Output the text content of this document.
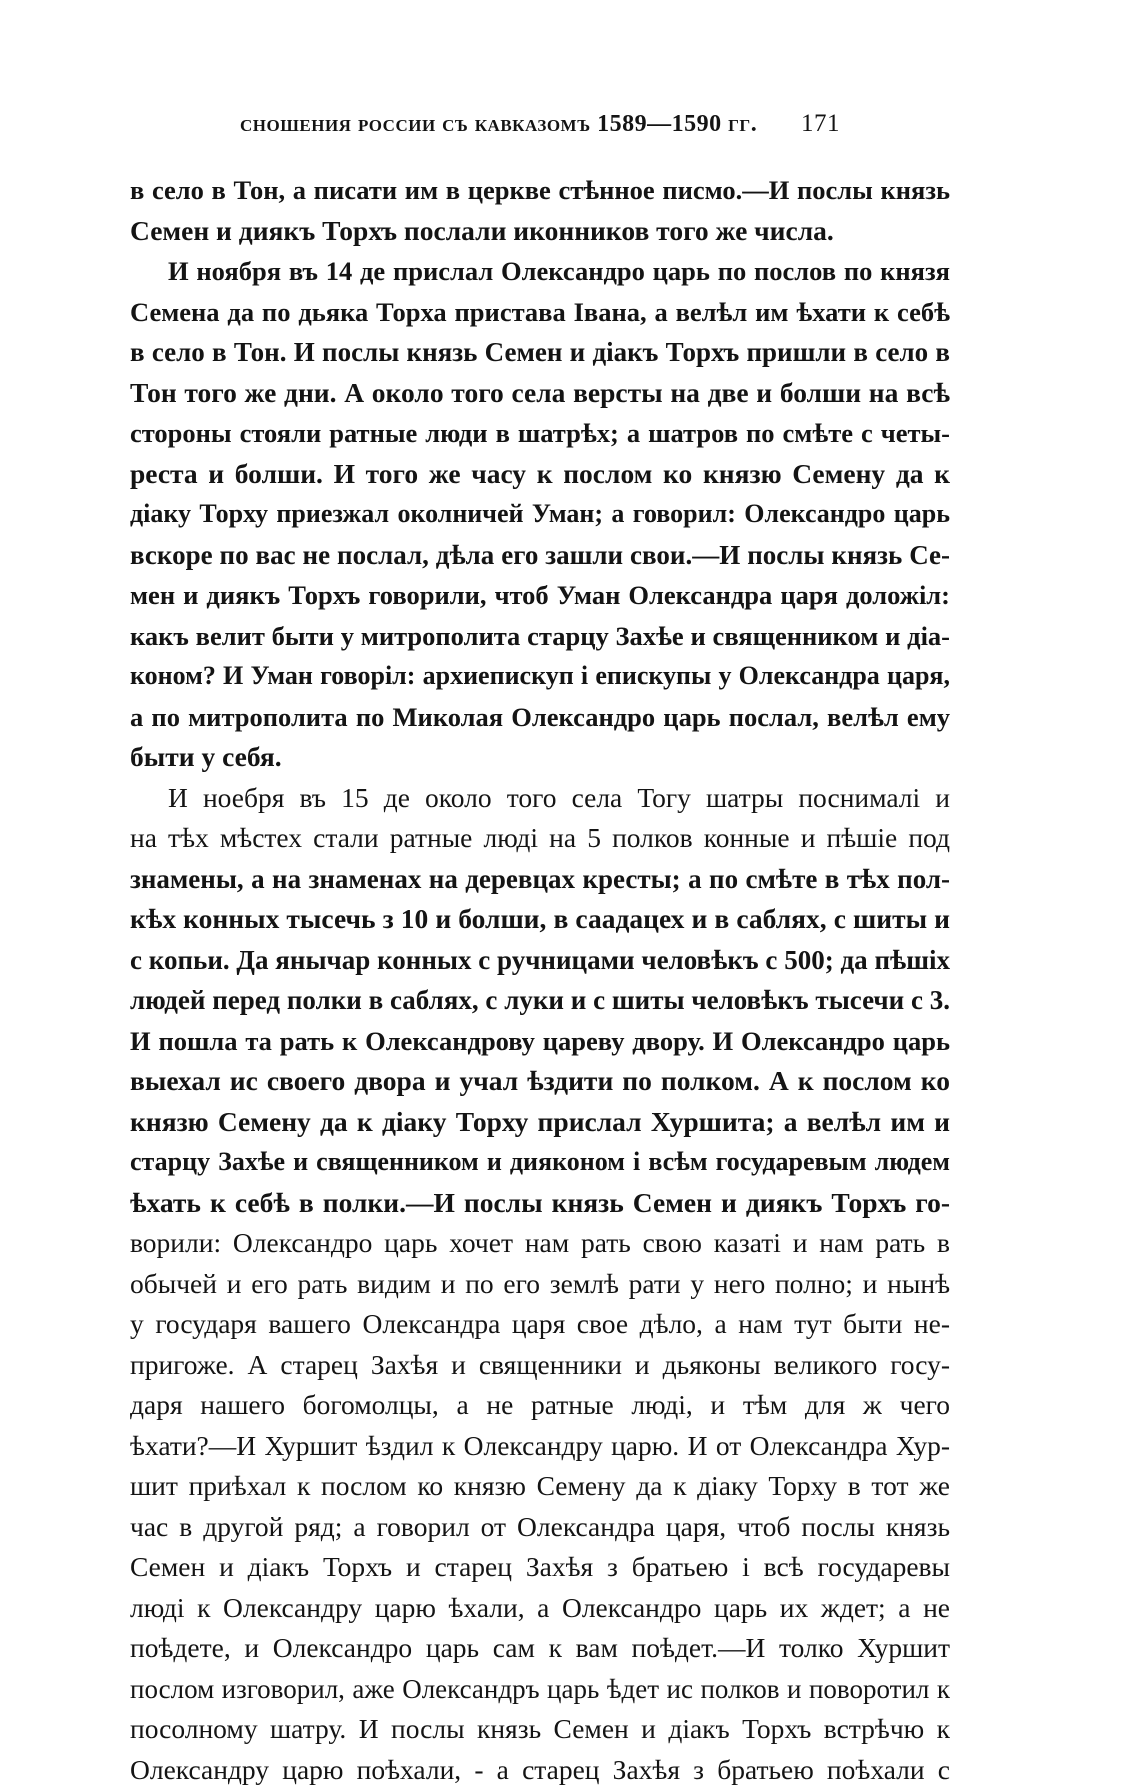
сношения россии съ кавказомъ 1589—1590 гг. 171
в село в Тон, а писати им в церкве стѣнное писмо.—И послы князь
Семен и диякъ Торхъ послали иконников того же числа.
И ноября въ 14 де прислал Олександро царь по послов по князя
Семена да по дьяка Торха пристава Івана, а велѣл им ѣхати к себѣ
в село в Тон. И послы князь Семен и діакъ Торхъ пришли в село в
Тон того же дни. А около того села версты на две и болши на всѣ
стороны стояли ратные люди в шатрѣх; а шатров по смѣте с четы-
реста и болши. И того же часу к послом ко князю Семену да к
діаку Торху приезжал околничей Уман; а говорил: Олександро царь
вскоре по вас не послал, дѣла его зашли свои.—И послы князь Се-
мен и диякъ Торхъ говорили, чтоб Уман Олександра царя доложіл:
какъ велит быти у митрополита старцу Захѣе и священником и діа-
коном? И Уман говоріл: архиепискуп і епискупы у Олександра царя,
а по митрополита по Миколая Олександро царь послал, велѣл ему
быти у себя.
И ноебря въ 15 де около того села Тогу шатры поснималі и
на тѣх мѣстех стали ратные люді на 5 полков конные и пѣшіе под
знамены, а на знаменах на деревцах кресты; а по смѣте в тѣх пол-
кѣх конных тысечь з 10 и болши, в саадацех и в саблях, с шиты и
с копьи. Да янычар конных с ручницами человѣкъ с 500; да пѣшіх
людей перед полки в саблях, с луки и с шиты человѣкъ тысечи с 3.
И пошла та рать к Олександрову цареву двору. И Олександро царь
выехал ис своего двора и учал ѣздити по полком. А к послом ко
князю Семену да к діаку Торху прислал Хуршита; а велѣл им и
старцу Захѣе и священником и дияконом і всѣм государевым людем
ѣхать к себѣ в полки.—И послы князь Семен и диякъ Торхъ го-
ворили: Олександро царь хочет нам рать свою казаті и нам рать в
обычей и его рать видим и по его землѣ рати у него полно; и нынѣ
у государя вашего Олександра царя свое дѣло, а нам тут быти не-
пригоже. А старец Захѣя и священники и дьяконы великого госу-
даря нашего богомолцы, а не ратные люді, и тѣм для ж чего
ѣхати?—И Хуршит ѣздил к Олександру царю. И от Олександра Хур-
шит приѣхал к послом ко князю Семену да к діаку Торху в тот же
час в другой ряд; а говорил от Олександра царя, чтоб послы князь
Семен и діакъ Торхъ и старец Захѣя з братьею і всѣ государевы
люді к Олександру царю ѣхали, а Олександро царь их ждет; а не
поѣдете, и Олександро царь сам к вам поѣдет.—И толко Хуршит
послом изговорил, аже Олександръ царь ѣдет ис полков и поворотил к
посолному шатру. И послы князь Семен и діакъ Торхъ встрѣчю к
Олександру царю поѣхали, - а старец Захѣя з братьею поѣхали с
